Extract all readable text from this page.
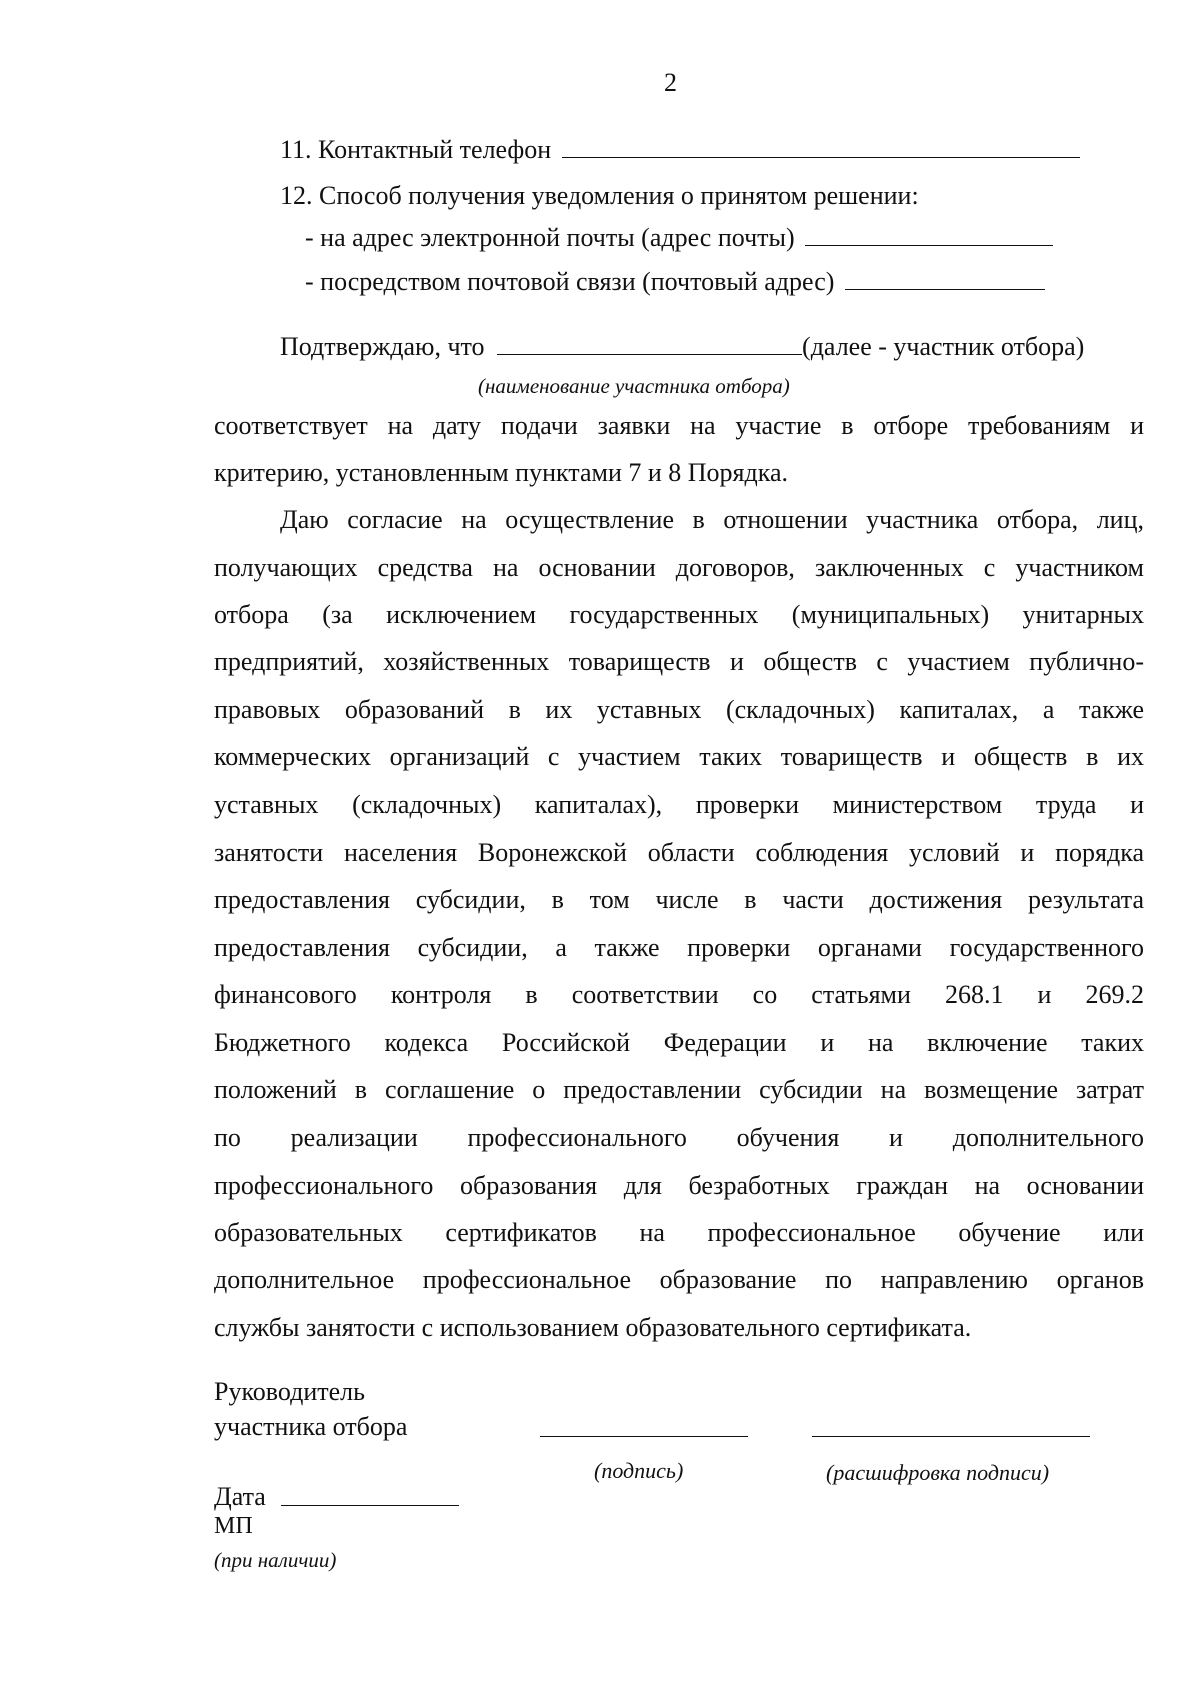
2
11. Контактный телефон
12. Способ получения уведомления о принятом решении:
- на адрес электронной почты (адрес почты)
- посредством почтовой связи (почтовый адрес)
Подтверждаю, что	(далее - участник отбора)
(наименование участника отбора)
соответствует на дату подачи заявки на участие в отборе требованиям и
критерию, установленным пунктами 7 и 8 Порядка.
Даю согласие на осуществление в отношении участника отбора, лиц,
получающих средства на основании договоров, заключенных с участником
отбора (за исключением государственных (муниципальных) унитарных
предприятий, хозяйственных товариществ и обществ с участием публично-
правовых образований в их уставных (складочных) капиталах, а также
коммерческих организаций с участием таких товариществ и обществ в их
уставных (складочных) капиталах), проверки министерством труда и
занятости населения Воронежской области соблюдения условий и порядка
предоставления субсидии, в том числе в части достижения результата
предоставления субсидии, а также проверки органами государственного
финансового контроля в соответствии со статьями 268.1 и 269.2
Бюджетного кодекса Российской Федерации и на включение таких
положений в соглашение о предоставлении субсидии на возмещение затрат
по реализации профессионального обучения и дополнительного
профессионального образования для безработных граждан на основании
образовательных сертификатов на профессиональное обучение или
дополнительное профессиональное образование по направлению органов
службы занятости с использованием образовательного сертификата.
Руководитель
участника отбора
(подпись)	(расшифровка подписи)
Дата
МП
(при наличии)
